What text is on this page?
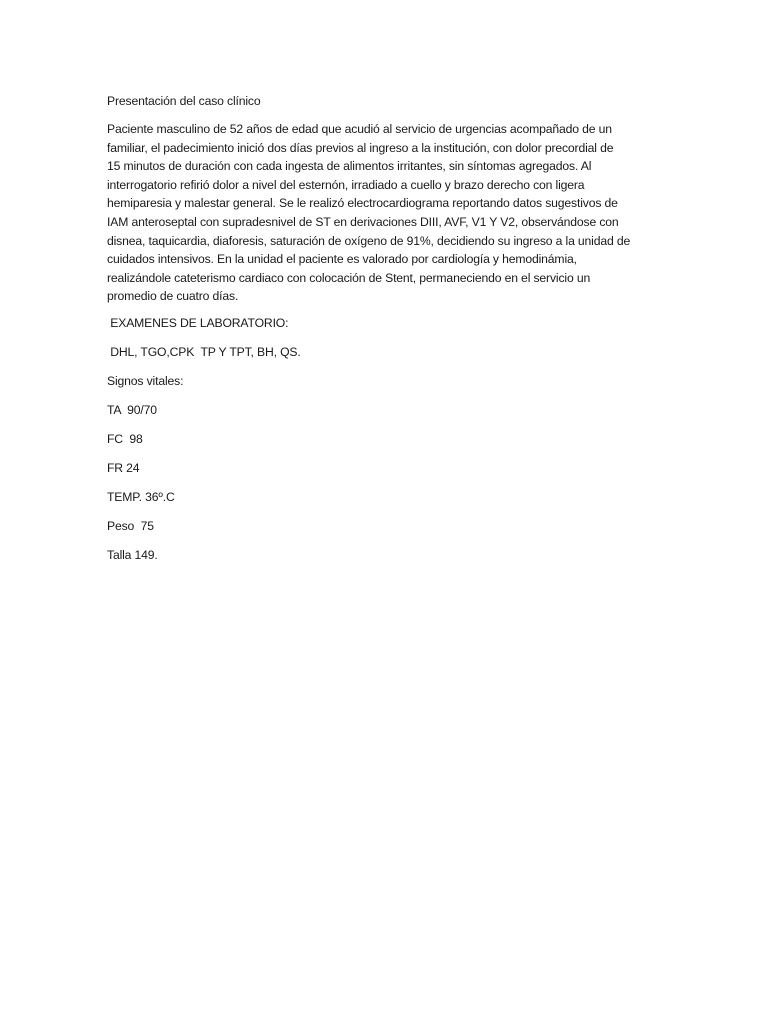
Presentación del caso clínico

Paciente masculino de 52 años de edad que acudió al servicio de urgencias acompañado de un
familiar, el padecimiento inició dos días previos al ingreso a la institución, con dolor precordial de
15 minutos de duración con cada ingesta de alimentos irritantes, sin síntomas agregados. Al
interrogatorio refirió dolor a nivel del esternón, irradiado a cuello y brazo derecho con ligera
hemiparesia y malestar general. Se le realizó electrocardiograma reportando datos sugestivos de
IAM anteroseptal con supradesnivel de ST en derivaciones DIII, AVF, V1 Y V2, observándose con
disnea, taquicardia, diaforesis, saturación de oxígeno de 91%, decidiendo su ingreso a la unidad de
cuidados intensivos. En la unidad el paciente es valorado por cardiología y hemodinámia,
realizándole cateterismo cardiaco con colocación de Stent, permaneciendo en el servicio un
promedio de cuatro días.

EXAMENES DE LABORATORIO:

DHL, TGO,CPK  TP Y TPT, BH, QS.

Signos vitales:

TA  90/70

FC  98

FR 24

TEMP. 36º.C

Peso  75

Talla 149.
